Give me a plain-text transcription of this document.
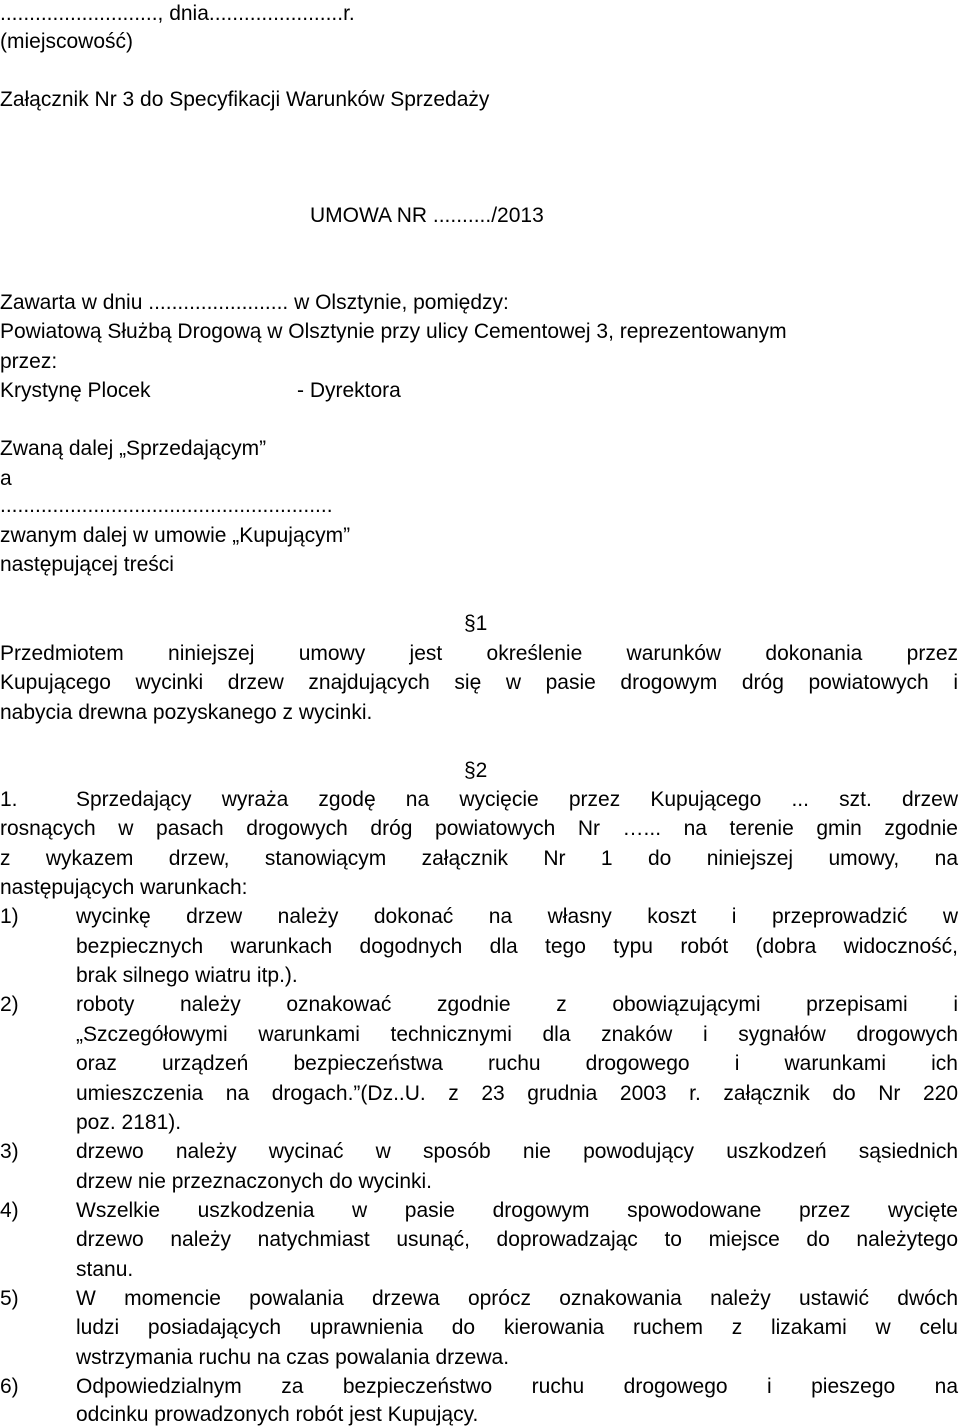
..........................., dnia.......................r.
(miejscowość)
Załącznik Nr 3 do Specyfikacji Warunków Sprzedaży
UMOWA NR ........../2013
Zawarta w dniu ........................ w Olsztynie, pomiędzy:
Powiatową Służbą Drogową w Olsztynie przy ulicy Cementowej 3, reprezentowanym
przez:
Krystynę Plocek	- Dyrektora
Zwaną dalej „Sprzedającym”
a
.........................................................
zwanym dalej w umowie „Kupującym”
następującej treści
§1
Przedmiotem niniejszej umowy jest określenie warunków dokonania przez
Kupującego wycinki drzew znajdujących się w pasie drogowym dróg powiatowych i
nabycia drewna pozyskanego z wycinki.
§2
1.	Sprzedający wyraża zgodę na wycięcie przez Kupującego ... szt. drzew
rosnących w pasach drogowych dróg powiatowych Nr …... na terenie gmin zgodnie
z wykazem drzew, stanowiącym załącznik Nr 1 do niniejszej umowy, na
następujących warunkach:
1)	wycinkę drzew należy dokonać na własny koszt i przeprowadzić w
bezpiecznych warunkach dogodnych dla tego typu robót (dobra widoczność,
brak silnego wiatru itp.).
2)	roboty należy oznakować zgodnie z obowiązującymi przepisami i
„Szczegółowymi warunkami technicznymi dla znaków i sygnałów drogowych
oraz urządzeń bezpieczeństwa ruchu drogowego i warunkami ich
umieszczenia na drogach.”(Dz..U. z 23 grudnia 2003 r. załącznik do Nr 220
poz. 2181).
3)	drzewo należy wycinać w sposób nie powodujący uszkodzeń sąsiednich
drzew nie przeznaczonych do wycinki.
4)	Wszelkie uszkodzenia w pasie drogowym spowodowane przez wycięte
drzewo należy natychmiast usunąć, doprowadzając to miejsce do należytego
stanu.
5)	W momencie powalania drzewa oprócz oznakowania należy ustawić dwóch
ludzi posiadających uprawnienia do kierowania ruchem z lizakami w celu
wstrzymania ruchu na czas powalania drzewa.
6)	Odpowiedzialnym za bezpieczeństwo ruchu drogowego i pieszego na
odcinku prowadzonych robót jest Kupujący.
